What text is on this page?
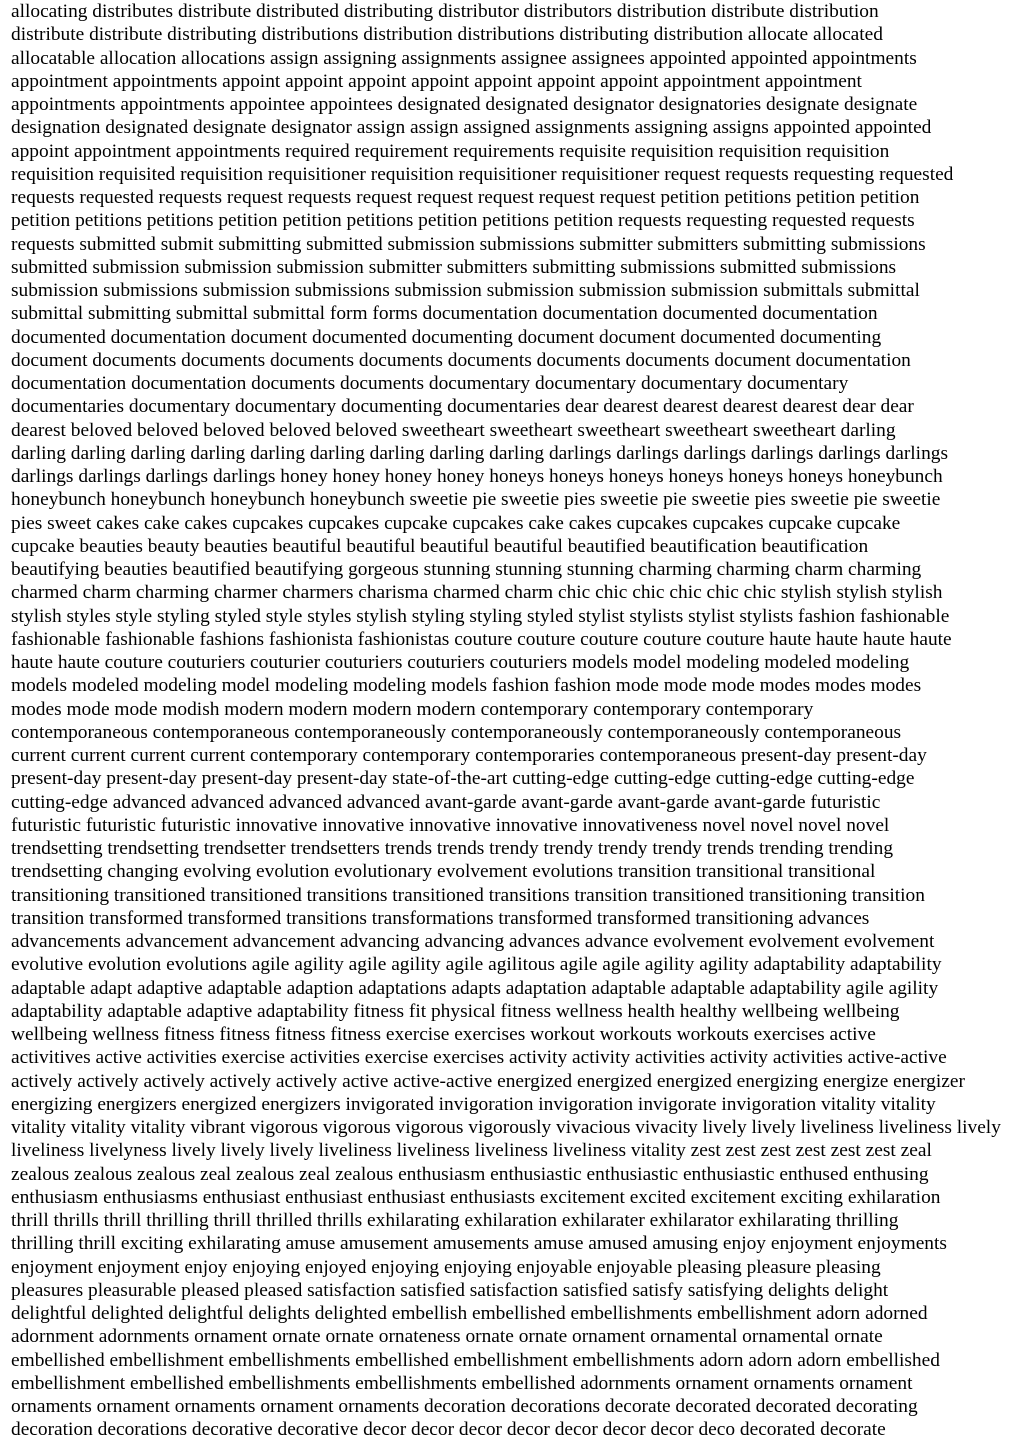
allocating distributes distribute distributed distributing distributor distributors distribution distribute distribution
distribute distribute distributing distributions distribution distributions distributing distribution allocate allocated
allocatable allocation allocations assign assigning assignments assignee assignees appointed appointed appointments
appointment appointments appoint appoint appoint appoint appoint appoint appoint appointment appointment
appointments appointments appointee appointees designated designated designator designatories designate designate
designation designated designate designator assign assign assigned assignments assigning assigns appointed appointed
appoint appointment appointments required requirement requirements requisite requisition requisition requisition
requisition requisited requisition requisitioner requisition requisitioner requisitioner request requests requesting requested
requests requested requests request requests request request request request request petition petitions petition petition
petition petitions petitions petition petition petitions petition petitions petition requests requesting requested requests
requests submitted submit submitting submitted submission submissions submitter submitters submitting submissions
submitted submission submission submission submitter submitters submitting submissions submitted submissions
submission submissions submission submissions submission submission submission submission submittals submittal
submittal submitting submittal submittal form forms documentation documentation documented documentation
documented documentation document documented documenting document document documented documenting
document documents documents documents documents documents documents documents document documentation
documentation documentation documents documents documentary documentary documentary documentary
documentaries documentary documentary documenting documentaries dear dearest dearest dearest dearest dear dear
dearest beloved beloved beloved beloved beloved sweetheart sweetheart sweetheart sweetheart sweetheart darling
darling darling darling darling darling darling darling darling darling darlings darlings darlings darlings darlings darlings
darlings darlings darlings darlings honey honey honey honey honeys honeys honeys honeys honeys honeys honeybunch
honeybunch honeybunch honeybunch honeybunch sweetie pie sweetie pies sweetie pie sweetie pies sweetie pie sweetie
pies sweet cakes cake cakes cupcakes cupcakes cupcake cupcakes cake cakes cupcakes cupcakes cupcake cupcake
cupcake beauties beauty beauties beautiful beautiful beautiful beautiful beautified beautification beautification
beautifying beauties beautified beautifying gorgeous stunning stunning stunning charming charming charm charming
charmed charm charming charmer charmers charisma charmed charm chic chic chic chic chic chic stylish stylish stylish
stylish styles style styling styled style styles stylish styling styling styled stylist stylists stylist stylists fashion fashionable
fashionable fashionable fashions fashionista fashionistas couture couture couture couture couture haute haute haute haute
haute haute couture couturiers couturier couturiers couturiers couturiers models model modeling modeled modeling
models modeled modeling model modeling modeling models fashion fashion mode mode mode modes modes modes
modes mode mode modish modern modern modern modern contemporary contemporary contemporary
contemporaneous contemporaneous contemporaneously contemporaneously contemporaneously contemporaneous
current current current current contemporary contemporary contemporaries contemporaneous present-day present-day
present-day present-day present-day present-day state-of-the-art cutting-edge cutting-edge cutting-edge cutting-edge
cutting-edge advanced advanced advanced advanced avant-garde avant-garde avant-garde avant-garde futuristic
futuristic futuristic futuristic innovative innovative innovative innovative innovativeness novel novel novel novel
trendsetting trendsetting trendsetter trendsetters trends trends trendy trendy trendy trendy trends trending trending
trendsetting changing evolving evolution evolutionary evolvement evolutions transition transitional transitional
transitioning transitioned transitioned transitions transitioned transitions transition transitioned transitioning transition
transition transformed transformed transitions transformations transformed transformed transitioning advances
advancements advancement advancement advancing advancing advances advance evolvement evolvement evolvement
evolutive evolution evolutions agile agility agile agility agile agilitous agile agile agility agility adaptability adaptability
adaptable adapt adaptive adaptable adaption adaptations adapts adaptation adaptable adaptable adaptability agile agility
adaptability adaptable adaptive adaptability fitness fit physical fitness wellness health healthy wellbeing wellbeing
wellbeing wellness fitness fitness fitness fitness exercise exercises workout workouts workouts exercises active
activitives active activities exercise activities exercise exercises activity activity activities activity activities active-active
actively actively actively actively actively active active-active energized energized energized energizing energize energizer
energizing energizers energized energizers invigorated invigoration invigoration invigorate invigoration vitality vitality
vitality vitality vitality vibrant vigorous vigorous vigorous vigorously vivacious vivacity lively lively liveliness liveliness lively
liveliness livelyness lively lively lively liveliness liveliness liveliness liveliness vitality zest zest zest zest zest zest zeal
zealous zealous zealous zeal zealous zeal zealous enthusiasm enthusiastic enthusiastic enthusiastic enthused enthusing
enthusiasm enthusiasms enthusiast enthusiast enthusiast enthusiasts excitement excited excitement exciting exhilaration
thrill thrills thrill thrilling thrill thrilled thrills exhilarating exhilaration exhilarater exhilarator exhilarating thrilling
thrilling thrill exciting exhilarating amuse amusement amusements amuse amused amusing enjoy enjoyment enjoyments
enjoyment enjoyment enjoy enjoying enjoyed enjoying enjoying enjoyable enjoyable pleasing pleasure pleasing
pleasures pleasurable pleased pleased satisfaction satisfied satisfaction satisfied satisfy satisfying delights delight
delightful delighted delightful delights delighted embellish embellished embellishments embellishment adorn adorned
adornment adornments ornament ornate ornate ornateness ornate ornate ornament ornamental ornamental ornate
embellished embellishment embellishments embellished embellishment embellishments adorn adorn adorn embellished
embellishment embellished embellishments embellishments embellished adornments ornament ornaments ornament
ornaments ornament ornaments ornament ornaments decoration decorations decorate decorated decorated decorating
decoration decorations decorative decorative decor decor decor decor decor decor decor deco decorated decorate
